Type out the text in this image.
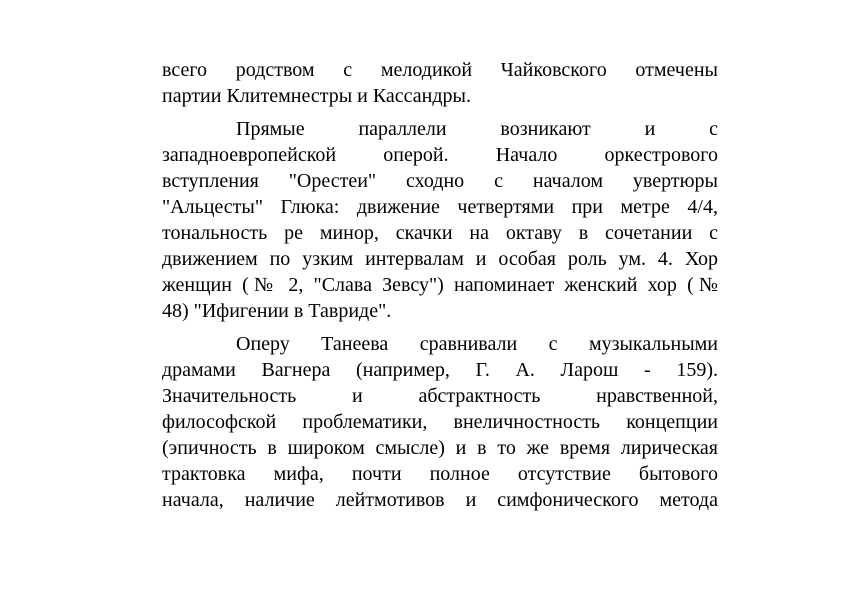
всего родством с мелодикой Чайковского отмечены
партии Клитемнестры и Кассандры.
Прямые параллели возникают и с
западноевропейской оперой. Начало оркестрового
вступления "Орестеи" сходно с началом увертюры
"Альцесты" Глюка: движение четвертями при метре 4/4,
тональность ре минор, скачки на октаву в сочетании с
движением по узким интервалам и особая роль ум. 4. Хор
женщин (№ 2, "Слава Зевсу") напоминает женский хор (№
48) "Ифигении в Тавриде".
Оперу Танеева сравнивали с музыкальными
драмами Вагнера (например, Г. А. Ларош - 159).
Значительность и абстрактность нравственной,
философской проблематики, внеличностность концепции
(эпичность в широком смысле) и в то же время лирическая
трактовка мифа, почти полное отсутствие бытового
начала, наличие лейтмотивов и симфонического метода
